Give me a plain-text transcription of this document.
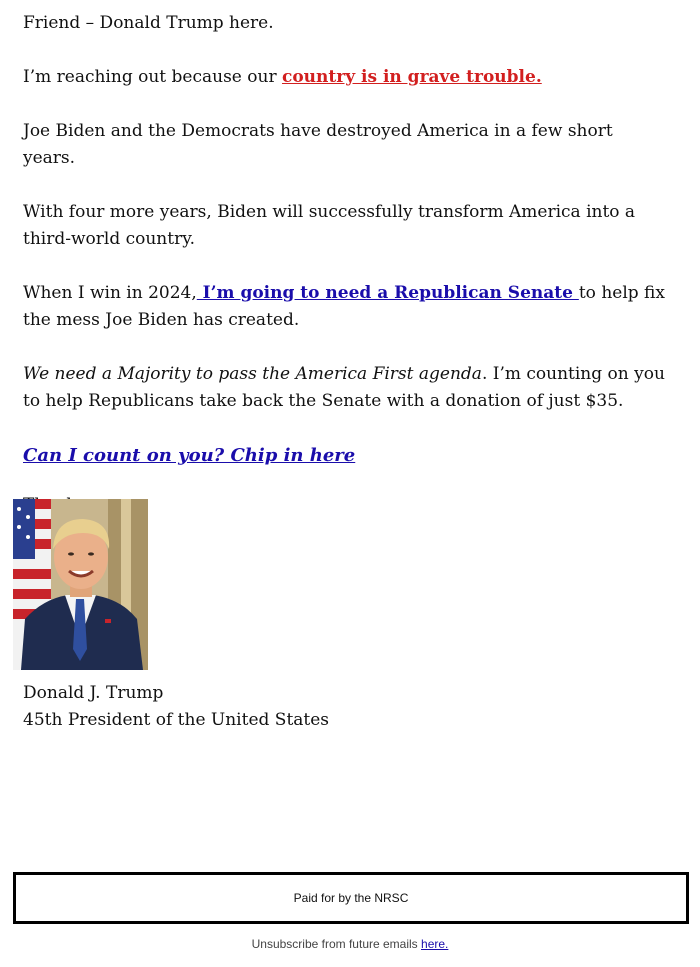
Friend – Donald Trump here.

I’m reaching out because our country is in grave trouble.

Joe Biden and the Democrats have destroyed America in a few short years.

With four more years, Biden will successfully transform America into a third-world country.

When I win in 2024, I’m going to need a Republican Senate to help fix the mess Joe Biden has created.

We need a Majority to pass the America First agenda. I’m counting on you to help Republicans take back the Senate with a donation of just $35.

Can I count on you? Chip in here

Donald J. Trump
45th President of the United States
Paid for by the NRSC
Unsubscribe from future emails here.
